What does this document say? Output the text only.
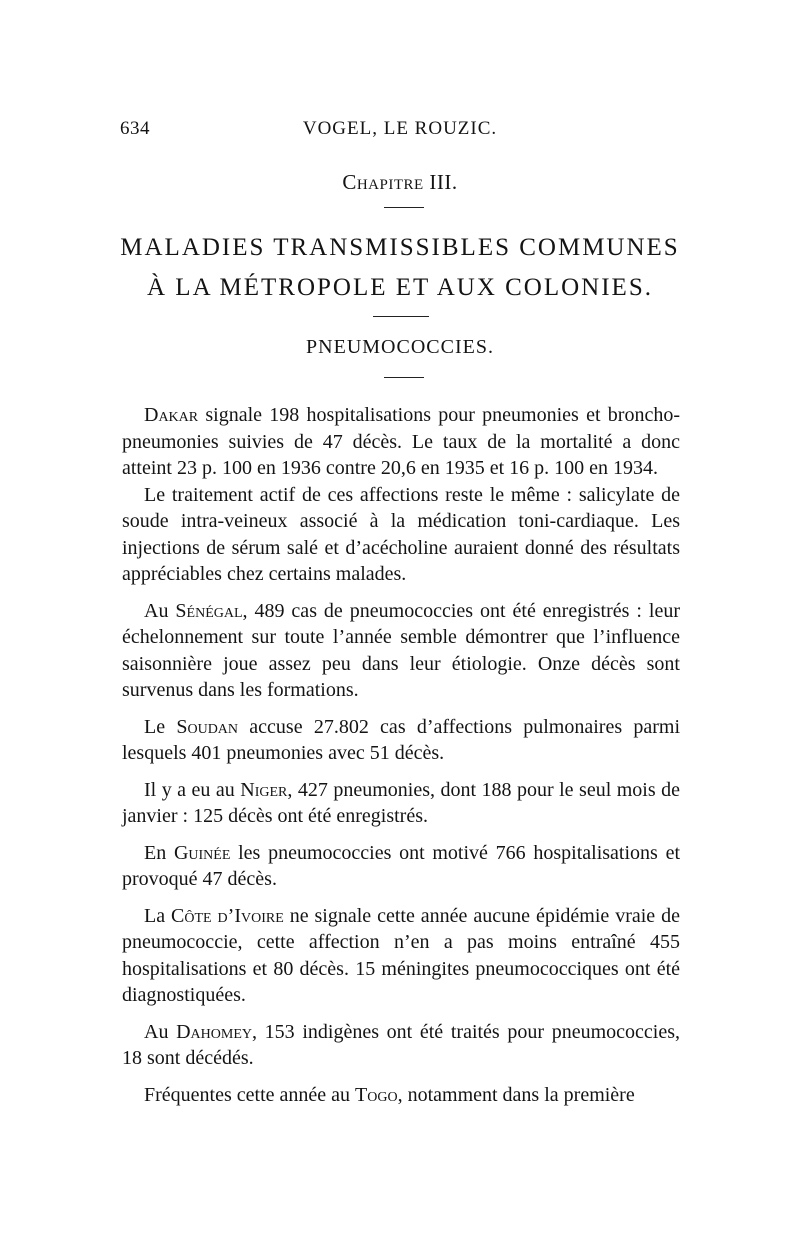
634	VOGEL, LE ROUZIC.
Chapitre III.
MALADIES TRANSMISSIBLES COMMUNES
À LA MÉTROPOLE ET AUX COLONIES.
PNEUMOCOCCIES.

Dakar signale 198 hospitalisations pour pneumonies et broncho-pneumonies suivies de 47 décès. Le taux de la mortalité a donc atteint 23 p. 100 en 1936 contre 20,6 en 1935 et 16 p. 100 en 1934.

Le traitement actif de ces affections reste le même : salicylate de soude intra-veineux associé à la médication toni-cardiaque. Les injections de sérum salé et d’acécholine auraient donné des résultats appréciables chez certains malades.

Au Sénégal, 489 cas de pneumococcies ont été enregistrés : leur échelonnement sur toute l’année semble démontrer que l’influence saisonnière joue assez peu dans leur étiologie. Onze décès sont survenus dans les formations.

Le Soudan accuse 27.802 cas d’affections pulmonaires parmi lesquels 401 pneumonies avec 51 décès.

Il y a eu au Niger, 427 pneumonies, dont 188 pour le seul mois de janvier : 125 décès ont été enregistrés.

En Guinée les pneumococcies ont motivé 766 hospitalisations et provoqué 47 décès.

La Côte d’Ivoire ne signale cette année aucune épidémie vraie de pneumococcie, cette affection n’en a pas moins entraîné 455 hospitalisations et 80 décès. 15 méningites pneumococciques ont été diagnostiquées.

Au Dahomey, 153 indigènes ont été traités pour pneumococcies, 18 sont décédés.

Fréquentes cette année au Togo, notamment dans la première
